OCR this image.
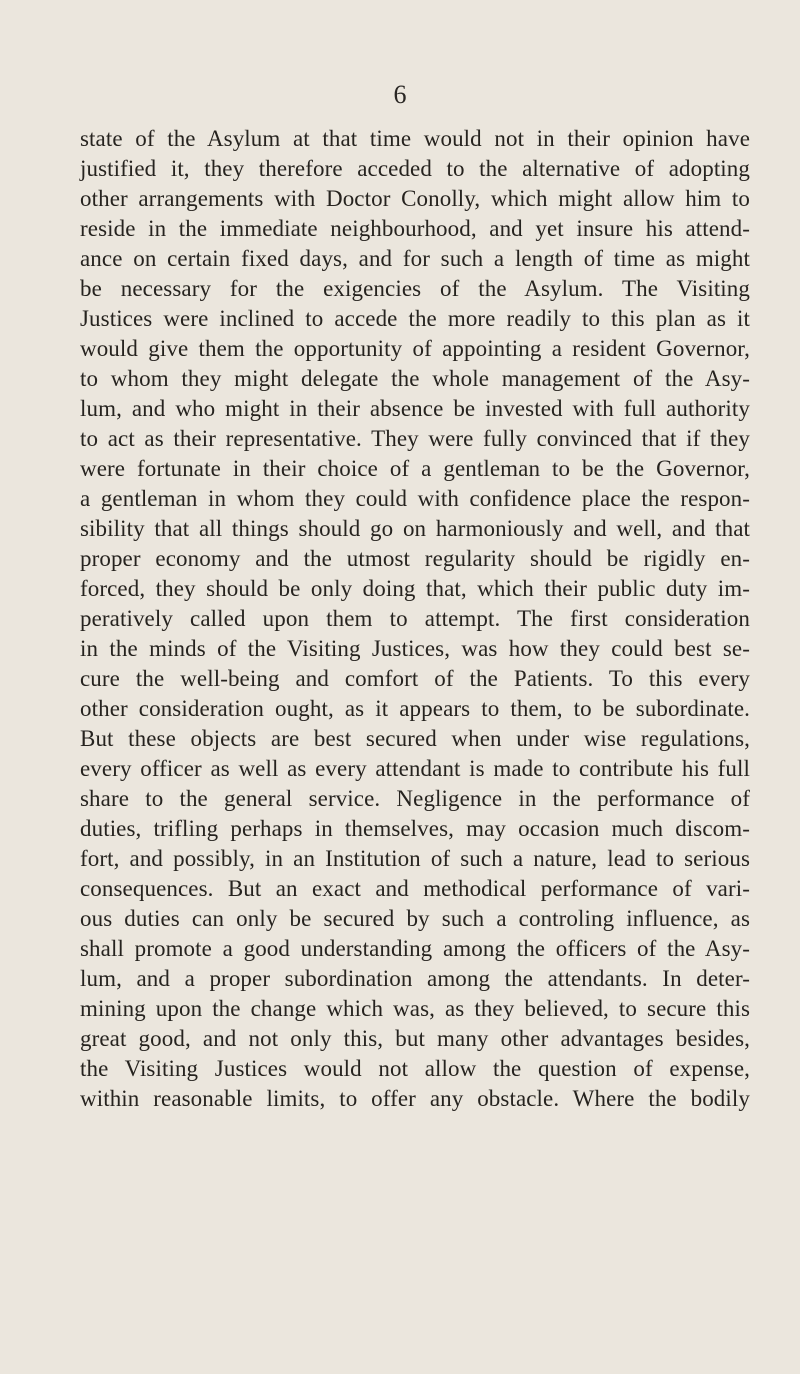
6
state of the Asylum at that time would not in their opinion have
justified it, they therefore acceded to the alternative of adopting
other arrangements with Doctor Conolly, which might allow him to
reside in the immediate neighbourhood, and yet insure his attend-
ance on certain fixed days, and for such a length of time as might
be necessary for the exigencies of the Asylum. The Visiting
Justices were inclined to accede the more readily to this plan as it
would give them the opportunity of appointing a resident Governor,
to whom they might delegate the whole management of the Asy-
lum, and who might in their absence be invested with full authority
to act as their representative. They were fully convinced that if they
were fortunate in their choice of a gentleman to be the Governor,
a gentleman in whom they could with confidence place the respon-
sibility that all things should go on harmoniously and well, and that
proper economy and the utmost regularity should be rigidly en-
forced, they should be only doing that, which their public duty im-
peratively called upon them to attempt. The first consideration
in the minds of the Visiting Justices, was how they could best se-
cure the well-being and comfort of the Patients. To this every
other consideration ought, as it appears to them, to be subordinate.
But these objects are best secured when under wise regulations,
every officer as well as every attendant is made to contribute his full
share to the general service. Negligence in the performance of
duties, trifling perhaps in themselves, may occasion much discom-
fort, and possibly, in an Institution of such a nature, lead to serious
consequences. But an exact and methodical performance of vari-
ous duties can only be secured by such a controling influence, as
shall promote a good understanding among the officers of the Asy-
lum, and a proper subordination among the attendants. In deter-
mining upon the change which was, as they believed, to secure this
great good, and not only this, but many other advantages besides,
the Visiting Justices would not allow the question of expense,
within reasonable limits, to offer any obstacle. Where the bodily
